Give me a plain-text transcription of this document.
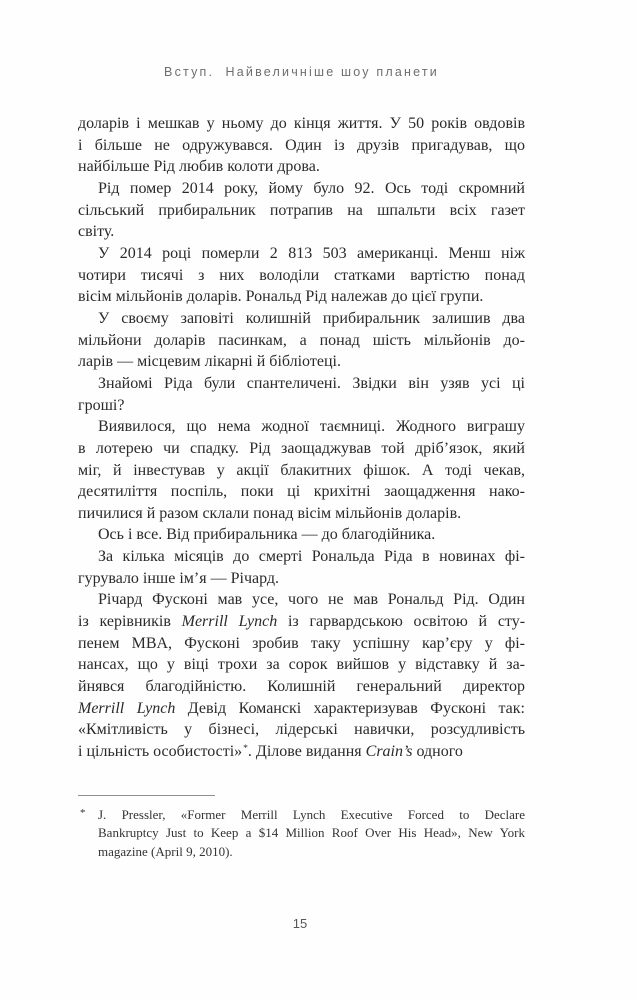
Вступ.  Найвеличніше шоу планети
доларів і мешкав у ньому до кінця життя. У 50 років овдовів
і більше не одружувався. Один із друзів пригадував, що
найбільше Рід любив колоти дрова.
Рід помер 2014 року, йому було 92. Ось тоді скромний
сільський прибиральник потрапив на шпальти всіх газет
світу.
У 2014 році померли 2 813 503 американці. Менш ніж
чотири тисячі з них володіли статками вартістю понад
вісім мільйонів доларів. Рональд Рід належав до цієї групи.
У своєму заповіті колишній прибиральник залишив два
мільйони доларів пасинкам, а понад шість мільйонів до-
ларів — місцевим лікарні й бібліотеці.
Знайомі Ріда були спантеличені. Звідки він узяв усі ці
гроші?
Виявилося, що нема жодної таємниці. Жодного виграшу
в лотерею чи спадку. Рід заощаджував той дріб’язок, який
міг, й інвестував у акції блакитних фішок. А тоді чекав,
десятиліття поспіль, поки ці крихітні заощадження нако-
пичилися й разом склали понад вісім мільйонів доларів.
Ось і все. Від прибиральника — до благодійника.
За кілька місяців до смерті Рональда Ріда в новинах фі-
гурувало інше ім’я — Річард.
Річард Фусконі мав усе, чого не мав Рональд Рід. Один
із керівників Merrill Lynch із гарвардською освітою й сту-
пенем MBA, Фусконі зробив таку успішну кар’єру у фі-
нансах, що у віці трохи за сорок вийшов у відставку й за-
йнявся благодійністю. Колишній генеральний директор
Merrill Lynch Девід Команскі характеризував Фусконі так:
«Кмітливість у бізнесі, лідерські навички, розсудливість
і цільність особистості»*. Ділове видання Crain’s одного
* J. Pressler, «Former Merrill Lynch Executive Forced to Declare
Bankruptcy Just to Keep a $14 Million Roof Over His Head», New York
magazine (April 9, 2010).
15
